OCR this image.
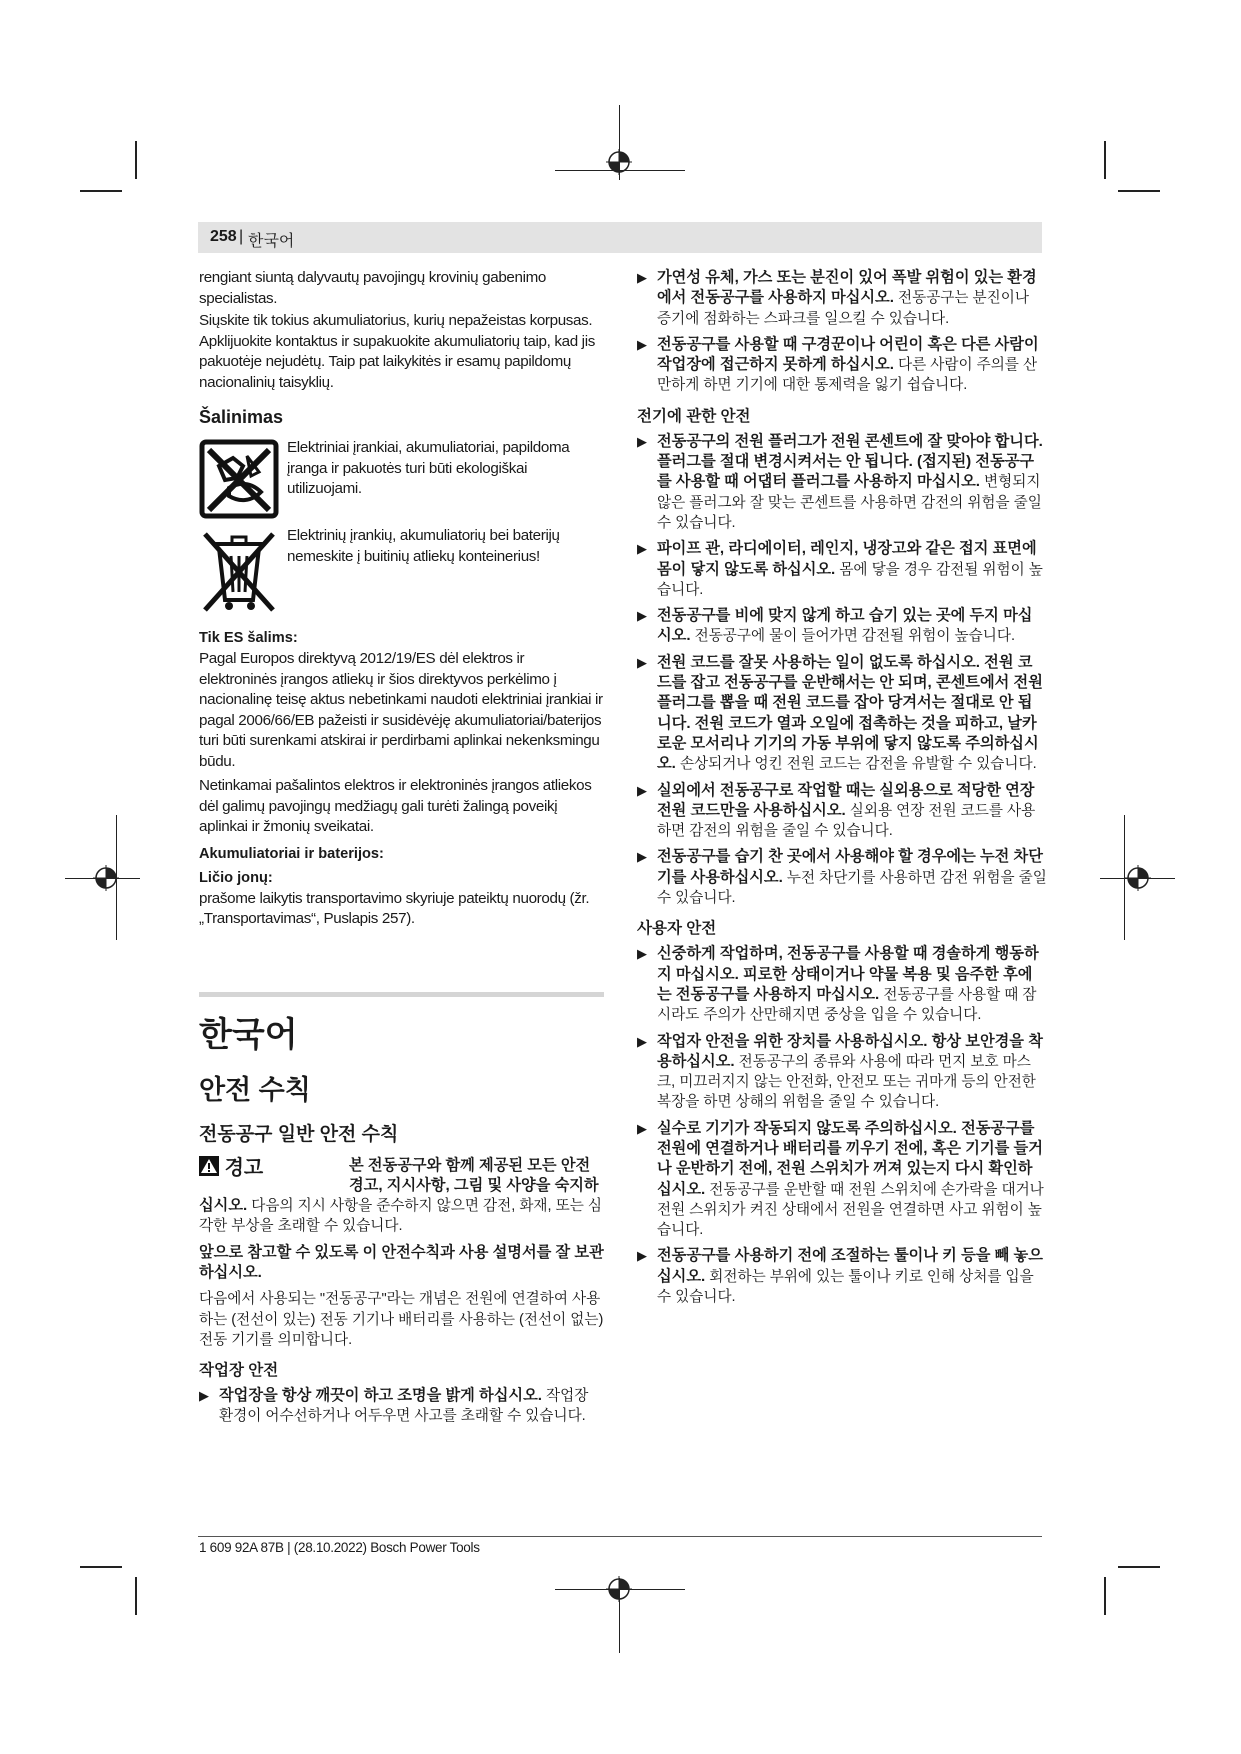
258 | 한국어

rengiant siuntą dalyvautų pavojingų krovinių gabenimo specialistas.

Siųskite tik tokius akumuliatorius, kurių nepažeistas korpusas. Apklijuokite kontaktus ir supakuokite akumuliatorių taip, kad jis pakuotėje nejudėtų. Taip pat laikykitės ir esamų papildomų nacionalinių taisyklių.

Šalinimas

Elektriniai įrankiai, akumuliatoriai, papildoma įranga ir pakuotės turi būti ekologiškai utilizuojami.

Elektrinių įrankių, akumuliatorių bei baterijų nemeskite į buitinių atliekų konteinerius!

Tik ES šalims:

Pagal Europos direktyvą 2012/19/ES dėl elektros ir elektroninės įrangos atliekų ir šios direktyvos perkėlimo į nacionalinę teisę aktus nebetinkami naudoti elektriniai įrankiai ir pagal 2006/66/EB pažeisti ir susidėvėję akumuliatoriai/baterijos turi būti surenkami atskirai ir perdirbami aplinkai nekenksmingu būdu.

Netinkamai pašalintos elektros ir elektroninės įrangos atliekos dėl galimų pavojingų medžiagų gali turėti žalingą poveikį aplinkai ir žmonių sveikatai.

Akumuliatoriai ir baterijos:
Ličio jonų:

prašome laikytis transportavimo skyriuje pateiktų nuorodų (žr. „Transportavimas“, Puslapis 257).

한국어
안전 수칙
전동공구 일반 안전 수칙
경고	본 전동공구와 함께 제공된 모든 안전경고, 지시사항, 그림 및 사양을 숙지하십시오. 다음의 지시 사항을 준수하지 않으면 감전, 화재, 또는 심각한 부상을 초래할 수 있습니다.

앞으로 참고할 수 있도록 이 안전수칙과 사용 설명서를 잘 보관하십시오.

다음에서 사용되는 "전동공구"라는 개념은 전원에 연결하여 사용하는 (전선이 있는) 전동 기기나 배터리를 사용하는 (전선이 없는) 전동 기기를 의미합니다.

작업장 안전
▶ 작업장을 항상 깨끗이 하고 조명을 밝게 하십시오. 작업장 환경이 어수선하거나 어두우면 사고를 초래할 수 있습니다.
▶ 가연성 유체, 가스 또는 분진이 있어 폭발 위험이 있는 환경에서 전동공구를 사용하지 마십시오. 전동공구는 분진이나 증기에 점화하는 스파크를 일으킬 수 있습니다.
▶ 전동공구를 사용할 때 구경꾼이나 어린이 혹은 다른 사람이 작업장에 접근하지 못하게 하십시오. 다른 사람이 주의를 산만하게 하면 기기에 대한 통제력을 잃기 쉽습니다.
전기에 관한 안전
▶ 전동공구의 전원 플러그가 전원 콘센트에 잘 맞아야 합니다. 플러그를 절대 변경시켜서는 안 됩니다. (접지된) 전동공구를 사용할 때 어댑터 플러그를 사용하지 마십시오. 변형되지 않은 플러그와 잘 맞는 콘센트를 사용하면 감전의 위험을 줄일 수 있습니다.
▶ 파이프 관, 라디에이터, 레인지, 냉장고와 같은 접지 표면에 몸이 닿지 않도록 하십시오. 몸에 닿을 경우 감전될 위험이 높습니다.
▶ 전동공구를 비에 맞지 않게 하고 습기 있는 곳에 두지 마십시오. 전동공구에 물이 들어가면 감전될 위험이 높습니다.
▶ 전원 코드를 잘못 사용하는 일이 없도록 하십시오. 전원 코드를 잡고 전동공구를 운반해서는 안 되며, 콘센트에서 전원 플러그를 뽑을 때 전원 코드를 잡아 당겨서는 절대로 안 됩니다. 전원 코드가 열과 오일에 접촉하는 것을 피하고, 날카로운 모서리나 기기의 가동 부위에 닿지 않도록 주의하십시오. 손상되거나 엉킨 전원 코드는 감전을 유발할 수 있습니다.
▶ 실외에서 전동공구로 작업할 때는 실외용으로 적당한 연장 전원 코드만을 사용하십시오. 실외용 연장 전원 코드를 사용하면 감전의 위험을 줄일 수 있습니다.
▶ 전동공구를 습기 찬 곳에서 사용해야 할 경우에는 누전 차단기를 사용하십시오. 누전 차단기를 사용하면 감전 위험을 줄일 수 있습니다.
사용자 안전
▶ 신중하게 작업하며, 전동공구를 사용할 때 경솔하게 행동하지 마십시오. 피로한 상태이거나 약물 복용 및 음주한 후에는 전동공구를 사용하지 마십시오. 전동공구를 사용할 때 잠시라도 주의가 산만해지면 중상을 입을 수 있습니다.
▶ 작업자 안전을 위한 장치를 사용하십시오. 항상 보안경을 착용하십시오. 전동공구의 종류와 사용에 따라 먼지 보호 마스크, 미끄러지지 않는 안전화, 안전모 또는 귀마개 등의 안전한 복장을 하면 상해의 위험을 줄일 수 있습니다.
▶ 실수로 기기가 작동되지 않도록 주의하십시오. 전동공구를 전원에 연결하거나 배터리를 끼우기 전에, 혹은 기기를 들거나 운반하기 전에, 전원 스위치가 꺼져 있는지 다시 확인하십시오. 전동공구를 운반할 때 전원 스위치에 손가락을 대거나 전원 스위치가 켜진 상태에서 전원을 연결하면 사고 위험이 높습니다.
▶ 전동공구를 사용하기 전에 조절하는 툴이나 키 등을 빼 놓으십시오. 회전하는 부위에 있는 툴이나 키로 인해 상처를 입을 수 있습니다.
1 609 92A 87B | (28.10.2022) Bosch Power Tools
